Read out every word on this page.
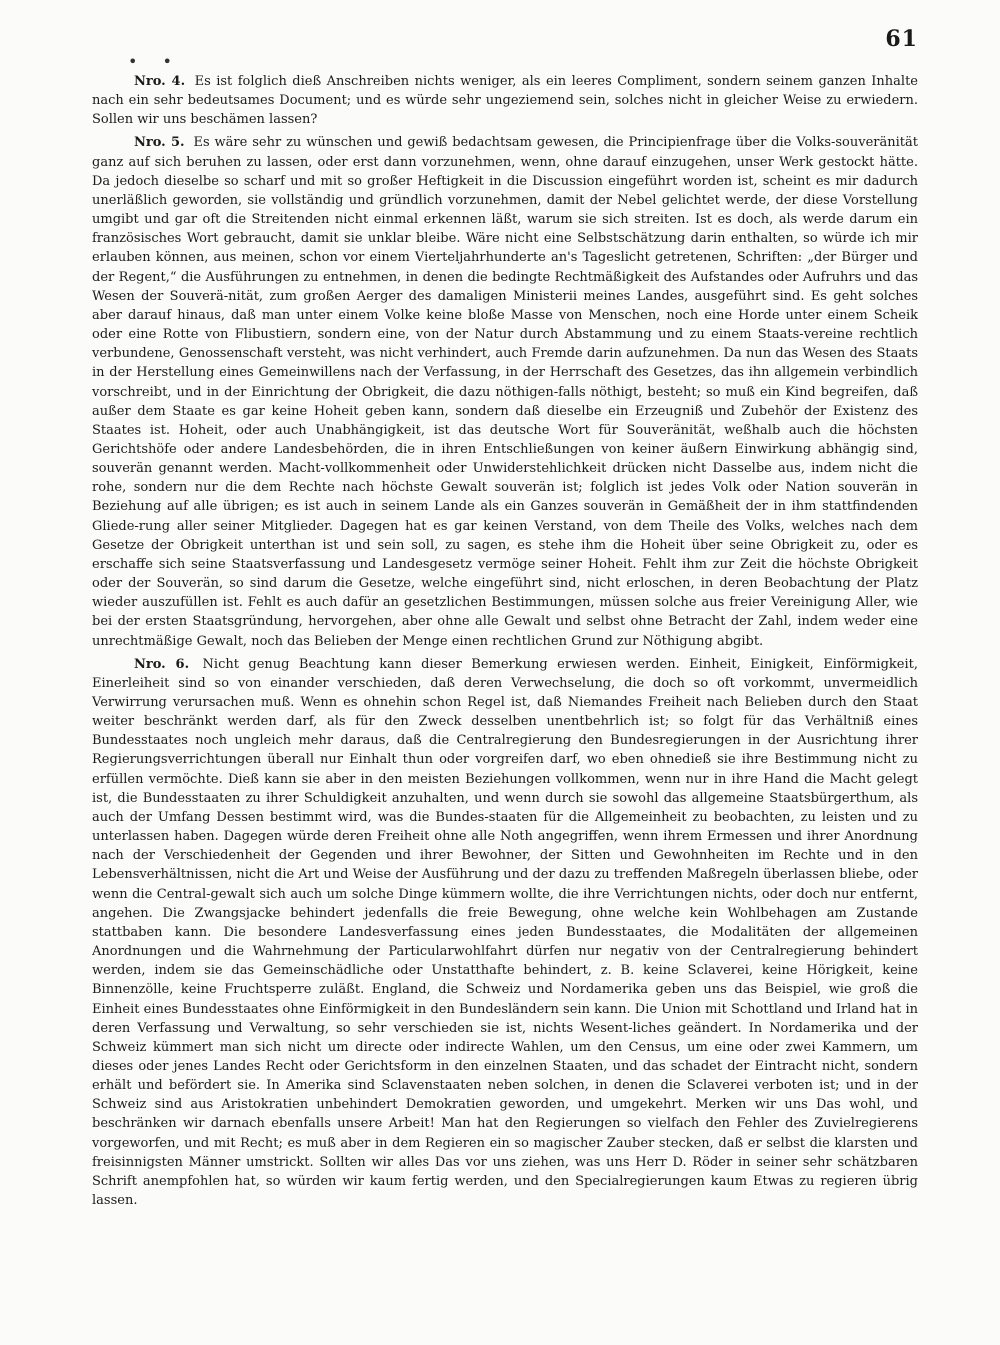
61
• •

Nro. 4. Es ist folglich dieß Anschreiben nichts weniger, als ein leeres Compliment, sondern seinem ganzen Inhalte nach ein sehr bedeutsames Document; und es würde sehr ungeziemend sein, solches nicht in gleicher Weise zu erwiedern. Sollen wir uns beschämen lassen?

Nro. 5. Es wäre sehr zu wünschen und gewiß bedachtsam gewesen, die Principienfrage über die Volks-souveränität ganz auf sich beruhen zu lassen, oder erst dann vorzunehmen, wenn, ohne darauf einzugehen, unser Werk gestockt hätte. Da jedoch dieselbe so scharf und mit so großer Heftigkeit in die Discussion eingeführt worden ist, scheint es mir dadurch unerläßlich geworden, sie vollständig und gründlich vorzunehmen, damit der Nebel gelichtet werde, der diese Vorstellung umgibt und gar oft die Streitenden nicht einmal erkennen läßt, warum sie sich streiten. Ist es doch, als werde darum ein französisches Wort gebraucht, damit sie unklar bleibe. Wäre nicht eine Selbstschätzung darin enthalten, so würde ich mir erlauben können, aus meinen, schon vor einem Vierteljahrhunderte an's Tageslicht getretenen, Schriften: „der Bürger und der Regent,“ die Ausführungen zu entnehmen, in denen die bedingte Rechtmäßigkeit des Aufstandes oder Aufruhrs und das Wesen der Souverä-nität, zum großen Aerger des damaligen Ministerii meines Landes, ausgeführt sind. Es geht solches aber darauf hinaus, daß man unter einem Volke keine bloße Masse von Menschen, noch eine Horde unter einem Scheik oder eine Rotte von Flibustiern, sondern eine, von der Natur durch Abstammung und zu einem Staats-vereine rechtlich verbundene, Genossenschaft versteht, was nicht verhindert, auch Fremde darin aufzunehmen. Da nun das Wesen des Staats in der Herstellung eines Gemeinwillens nach der Verfassung, in der Herrschaft des Gesetzes, das ihn allgemein verbindlich vorschreibt, und in der Einrichtung der Obrigkeit, die dazu nöthigen-falls nöthigt, besteht; so muß ein Kind begreifen, daß außer dem Staate es gar keine Hoheit geben kann, sondern daß dieselbe ein Erzeugniß und Zubehör der Existenz des Staates ist. Hoheit, oder auch Unabhängigkeit, ist das deutsche Wort für Souveränität, weßhalb auch die höchsten Gerichtshöfe oder andere Landesbehörden, die in ihren Entschließungen von keiner äußern Einwirkung abhängig sind, souverän genannt werden. Macht-vollkommenheit oder Unwiderstehlichkeit drücken nicht Dasselbe aus, indem nicht die rohe, sondern nur die dem Rechte nach höchste Gewalt souverän ist; folglich ist jedes Volk oder Nation souverän in Beziehung auf alle übrigen; es ist auch in seinem Lande als ein Ganzes souverän in Gemäßheit der in ihm stattfindenden Gliede-rung aller seiner Mitglieder. Dagegen hat es gar keinen Verstand, von dem Theile des Volks, welches nach dem Gesetze der Obrigkeit unterthan ist und sein soll, zu sagen, es stehe ihm die Hoheit über seine Obrigkeit zu, oder es erschaffe sich seine Staatsverfassung und Landesgesetz vermöge seiner Hoheit. Fehlt ihm zur Zeit die höchste Obrigkeit oder der Souverän, so sind darum die Gesetze, welche eingeführt sind, nicht erloschen, in deren Beobachtung der Platz wieder auszufüllen ist. Fehlt es auch dafür an gesetzlichen Bestimmungen, müssen solche aus freier Vereinigung Aller, wie bei der ersten Staatsgründung, hervorgehen, aber ohne alle Gewalt und selbst ohne Betracht der Zahl, indem weder eine unrechtmäßige Gewalt, noch das Belieben der Menge einen rechtlichen Grund zur Nöthigung abgibt.

Nro. 6. Nicht genug Beachtung kann dieser Bemerkung erwiesen werden. Einheit, Einigkeit, Einförmigkeit, Einerleiheit sind so von einander verschieden, daß deren Verwechselung, die doch so oft vorkommt, unvermeidlich Verwirrung verursachen muß. Wenn es ohnehin schon Regel ist, daß Niemandes Freiheit nach Belieben durch den Staat weiter beschränkt werden darf, als für den Zweck desselben unentbehrlich ist; so folgt für das Verhältniß eines Bundesstaates noch ungleich mehr daraus, daß die Centralregierung den Bundesregierungen in der Ausrichtung ihrer Regierungsverrichtungen überall nur Einhalt thun oder vorgreifen darf, wo eben ohnedieß sie ihre Bestimmung nicht zu erfüllen vermöchte. Dieß kann sie aber in den meisten Beziehungen vollkommen, wenn nur in ihre Hand die Macht gelegt ist, die Bundesstaaten zu ihrer Schuldigkeit anzuhalten, und wenn durch sie sowohl das allgemeine Staatsbürgerthum, als auch der Umfang Dessen bestimmt wird, was die Bundes-staaten für die Allgemeinheit zu beobachten, zu leisten und zu unterlassen haben. Dagegen würde deren Freiheit ohne alle Noth angegriffen, wenn ihrem Ermessen und ihrer Anordnung nach der Verschiedenheit der Gegenden und ihrer Bewohner, der Sitten und Gewohnheiten im Rechte und in den Lebensverhältnissen, nicht die Art und Weise der Ausführung und der dazu zu treffenden Maßregeln überlassen bliebe, oder wenn die Central-gewalt sich auch um solche Dinge kümmern wollte, die ihre Verrichtungen nichts, oder doch nur entfernt, angehen. Die Zwangsjacke behindert jedenfalls die freie Bewegung, ohne welche kein Wohlbehagen am Zustande stattbaben kann. Die besondere Landesverfassung eines jeden Bundesstaates, die Modalitäten der allgemeinen Anordnungen und die Wahrnehmung der Particularwohlfahrt dürfen nur negativ von der Centralregierung behindert werden, indem sie das Gemeinschädliche oder Unstatthafte behindert, z. B. keine Sclaverei, keine Hörigkeit, keine Binnenzölle, keine Fruchtsperre zuläßt. England, die Schweiz und Nordamerika geben uns das Beispiel, wie groß die Einheit eines Bundesstaates ohne Einförmigkeit in den Bundesländern sein kann. Die Union mit Schottland und Irland hat in deren Verfassung und Verwaltung, so sehr verschieden sie ist, nichts Wesent-liches geändert. In Nordamerika und der Schweiz kümmert man sich nicht um directe oder indirecte Wahlen, um den Census, um eine oder zwei Kammern, um dieses oder jenes Landes Recht oder Gerichtsform in den einzelnen Staaten, und das schadet der Eintracht nicht, sondern erhält und befördert sie. In Amerika sind Sclavenstaaten neben solchen, in denen die Sclaverei verboten ist; und in der Schweiz sind aus Aristokratien unbehindert Demokratien geworden, und umgekehrt. Merken wir uns Das wohl, und beschränken wir darnach ebenfalls unsere Arbeit! Man hat den Regierungen so vielfach den Fehler des Zuvielregierens vorgeworfen, und mit Recht; es muß aber in dem Regieren ein so magischer Zauber stecken, daß er selbst die klarsten und freisinnigsten Männer umstrickt. Sollten wir alles Das vor uns ziehen, was uns Herr D. Röder in seiner sehr schätzbaren Schrift anempfohlen hat, so würden wir kaum fertig werden, und den Specialregierungen kaum Etwas zu regieren übrig lassen.
